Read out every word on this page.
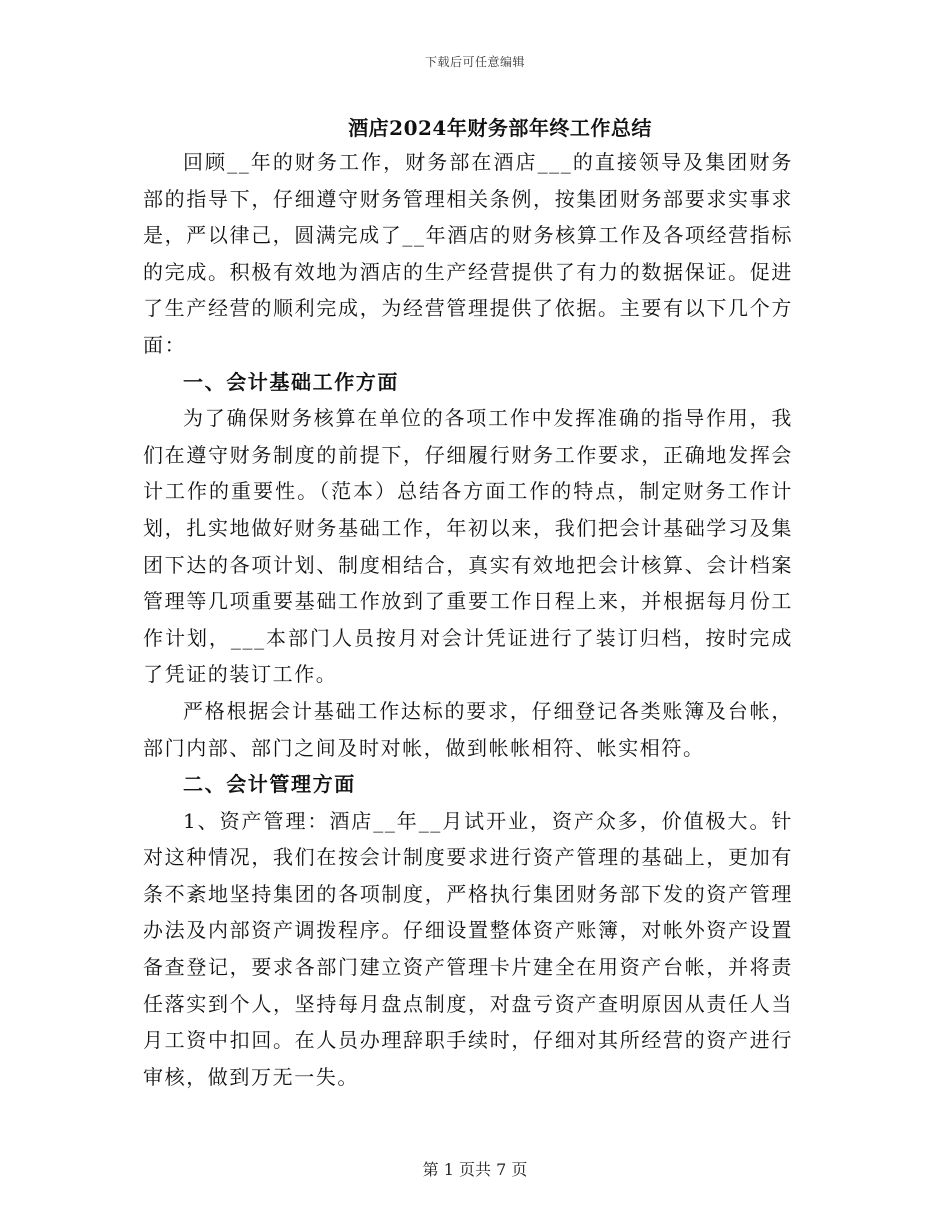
下载后可任意编辑
酒店2024年财务部年终工作总结

回顾__年的财务工作，财务部在酒店___的直接领导及集团财务部的指导下，仔细遵守财务管理相关条例，按集团财务部要求实事求是，严以律己，圆满完成了__年酒店的财务核算工作及各项经营指标的完成。积极有效地为酒店的生产经营提供了有力的数据保证。促进了生产经营的顺利完成，为经营管理提供了依据。主要有以下几个方面：

一、会计基础工作方面

为了确保财务核算在单位的各项工作中发挥准确的指导作用，我们在遵守财务制度的前提下，仔细履行财务工作要求，正确地发挥会计工作的重要性。（范本）总结各方面工作的特点，制定财务工作计划，扎实地做好财务基础工作，年初以来，我们把会计基础学习及集团下达的各项计划、制度相结合，真实有效地把会计核算、会计档案管理等几项重要基础工作放到了重要工作日程上来，并根据每月份工作计划，___本部门人员按月对会计凭证进行了装订归档，按时完成了凭证的装订工作。

严格根据会计基础工作达标的要求，仔细登记各类账簿及台帐，部门内部、部门之间及时对帐，做到帐帐相符、帐实相符。

二、会计管理方面

1、资产管理：酒店__年__月试开业，资产众多，价值极大。针对这种情况，我们在按会计制度要求进行资产管理的基础上，更加有条不紊地坚持集团的各项制度，严格执行集团财务部下发的资产管理办法及内部资产调拨程序。仔细设置整体资产账簿，对帐外资产设置备查登记，要求各部门建立资产管理卡片建全在用资产台帐，并将责任落实到个人，坚持每月盘点制度，对盘亏资产查明原因从责任人当月工资中扣回。在人员办理辞职手续时，仔细对其所经营的资产进行审核，做到万无一失。

第 1 页共 7 页
